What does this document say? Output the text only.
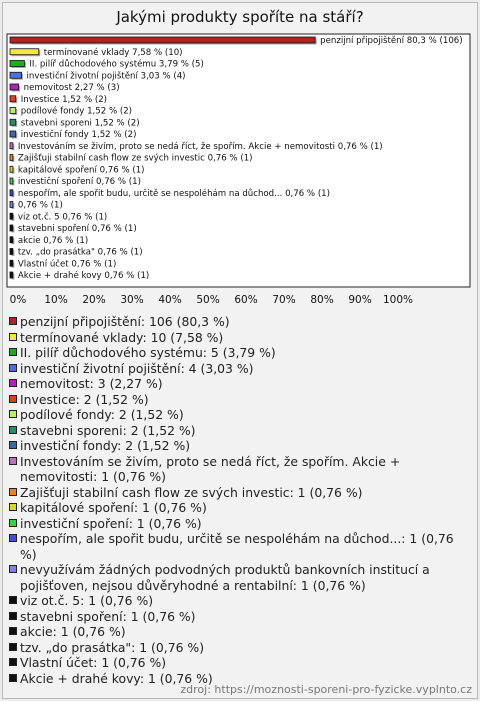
Jakými produkty spoříte na stáří?
penzijní připojištění 80,3 % (106)
termínované vklady 7,58 % (10)
II. pilíř důchodového systému 3,79 % (5)
investiční životní pojištění 3,03 % (4)
nemovitost 2,27 % (3)
Investice 1,52 % (2)
podílové fondy 1,52 % (2)
stavebni sporeni 1,52 % (2)
investiční fondy 1,52 % (2)
Investováním se živím, proto se nedá říct, že spořím. Akcie + nemovitosti 0,76 % (1)
Zajišťuji stabilní cash flow ze svých investic 0,76 % (1)
kapitálové spoření 0,76 % (1)
investiční spoření 0,76 % (1)
nespořím, ale spořit budu, určitě se nespoléhám na důchod... 0,76 % (1)
0,76 % (1)
viz ot.č. 5 0,76 % (1)
stavebni spoření 0,76 % (1)
akcie 0,76 % (1)
tzv. „do prasátka" 0,76 % (1)
Vlastní účet 0,76 % (1)
Akcie + drahé kovy 0,76 % (1)
0% 10% 20% 30% 40% 50% 60% 70% 80% 90% 100%
penzijní připojištění: 106 (80,3 %)
termínované vklady: 10 (7,58 %)
II. pilíř důchodového systému: 5 (3,79 %)
investiční životní pojištění: 4 (3,03 %)
nemovitost: 3 (2,27 %)
Investice: 2 (1,52 %)
podílové fondy: 2 (1,52 %)
stavebni sporeni: 2 (1,52 %)
investiční fondy: 2 (1,52 %)
Investováním se živím, proto se nedá říct, že spořím. Akcie + nemovitosti: 1 (0,76 %)
Zajišťuji stabilní cash flow ze svých investic: 1 (0,76 %)
kapitálové spoření: 1 (0,76 %)
investiční spoření: 1 (0,76 %)
nespořím, ale spořit budu, určitě se nespoléhám na důchod...: 1 (0,76 %)
nevyužívám žádných podvodných produktů bankovních institucí a pojišťoven, nejsou důvěryhodné a rentabilní: 1 (0,76 %)
viz ot.č. 5: 1 (0,76 %)
stavebni spoření: 1 (0,76 %)
akcie: 1 (0,76 %)
tzv. „do prasátka": 1 (0,76 %)
Vlastní účet: 1 (0,76 %)
Akcie + drahé kovy: 1 (0,76 %)
zdroj: https://moznosti-sporeni-pro-fyzicke.vyplnto.cz
